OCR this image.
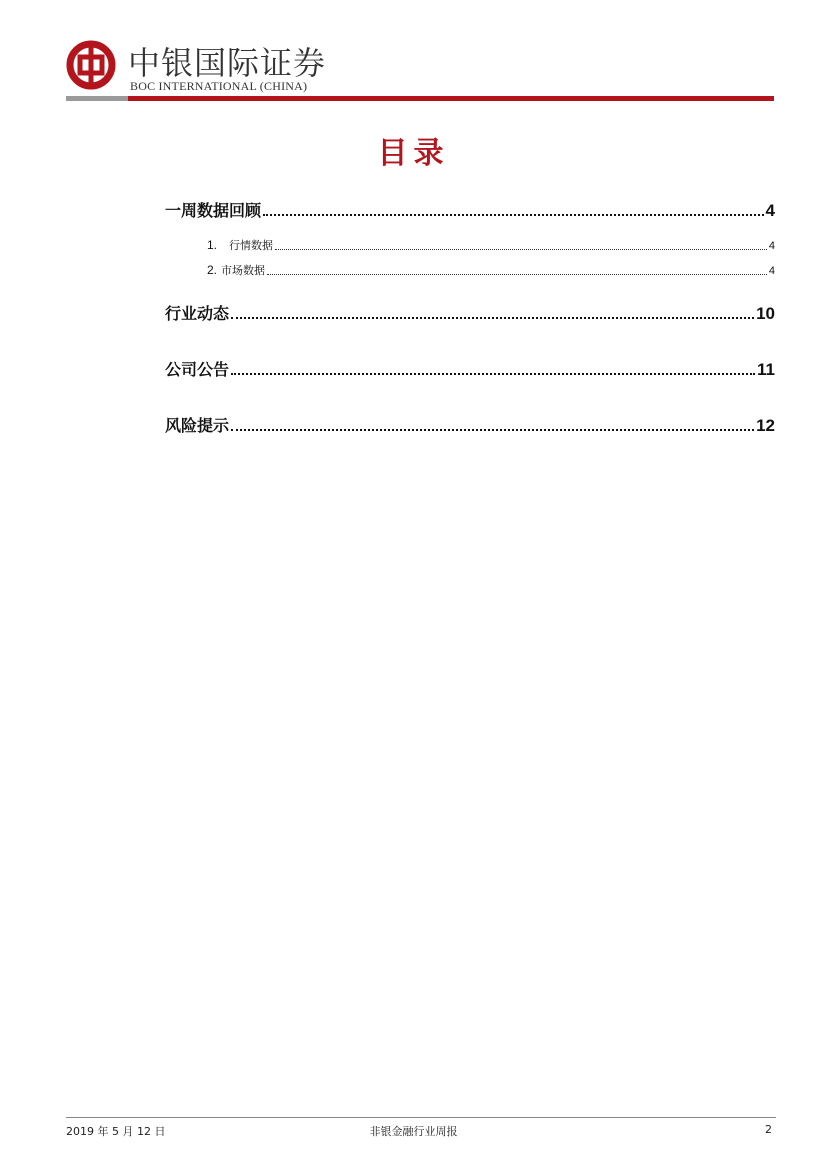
中银国际证券
BOC INTERNATIONAL (CHINA)
目录
一周数据回顾	4
1. 行情数据	4
2. 市场数据	4
行业动态	10
公司公告	11
风险提示	12
2019 年 5 月 12 日	非银金融行业周报	2
